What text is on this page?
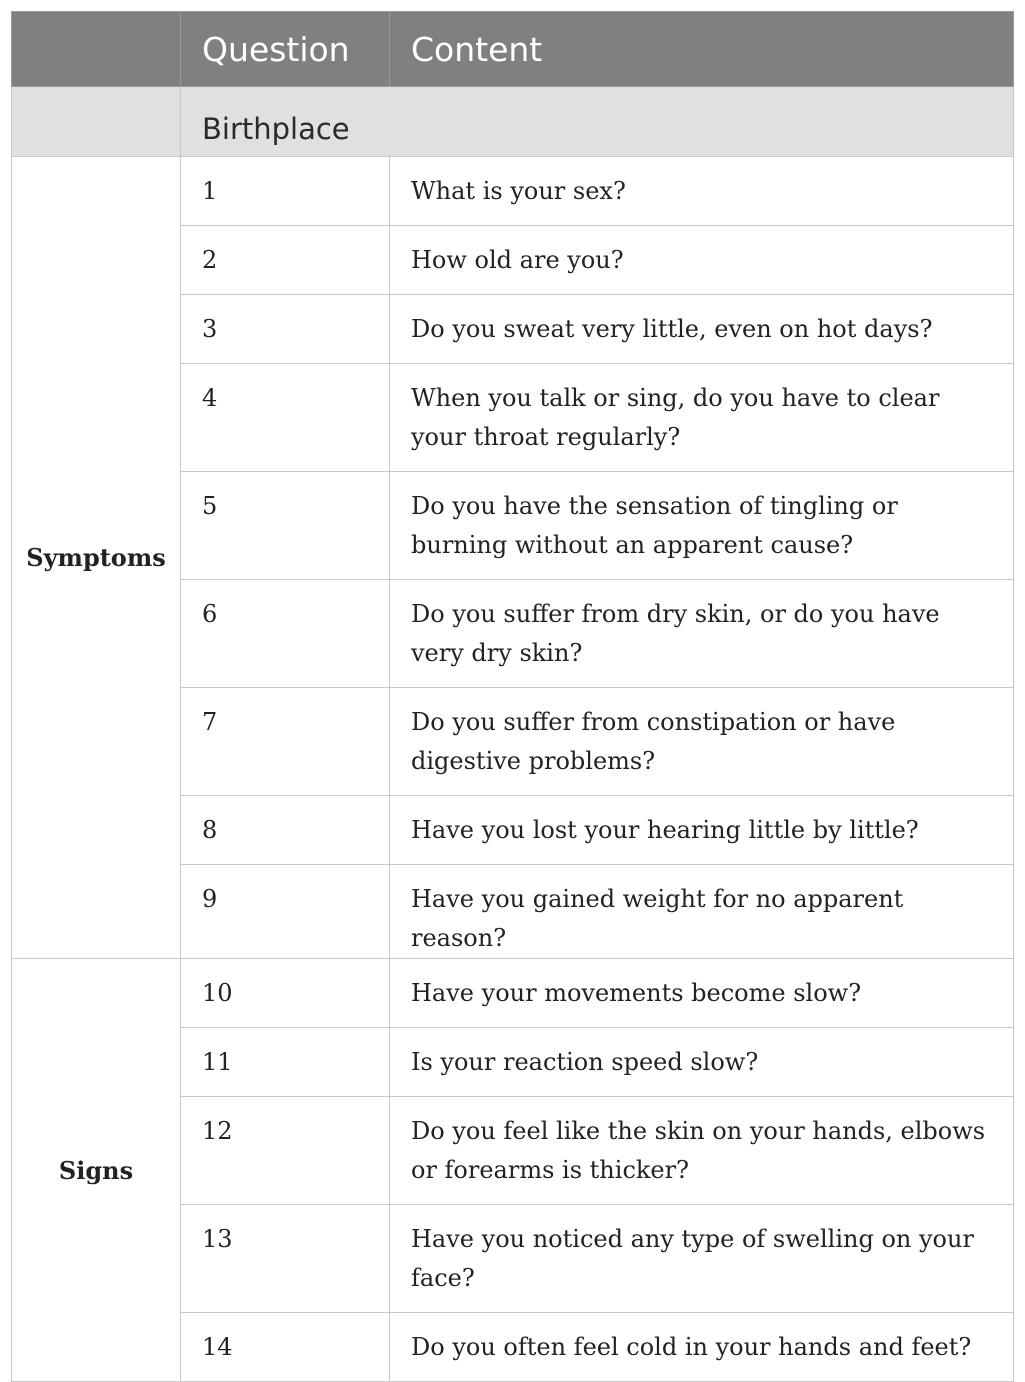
	Question	Content
	Birthplace	
Symptoms	1	What is your sex?
	2	How old are you?
	3	Do you sweat very little, even on hot days?
	4	When you talk or sing, do you have to clear your throat regularly?
	5	Do you have the sensation of tingling or burning without an apparent cause?
	6	Do you suffer from dry skin, or do you have very dry skin?
	7	Do you suffer from constipation or have digestive problems?
	8	Have you lost your hearing little by little?
	9	Have you gained weight for no apparent reason?
Signs	10	Have your movements become slow?
	11	Is your reaction speed slow?
	12	Do you feel like the skin on your hands, elbows or forearms is thicker?
	13	Have you noticed any type of swelling on your face?
	14	Do you often feel cold in your hands and feet?
